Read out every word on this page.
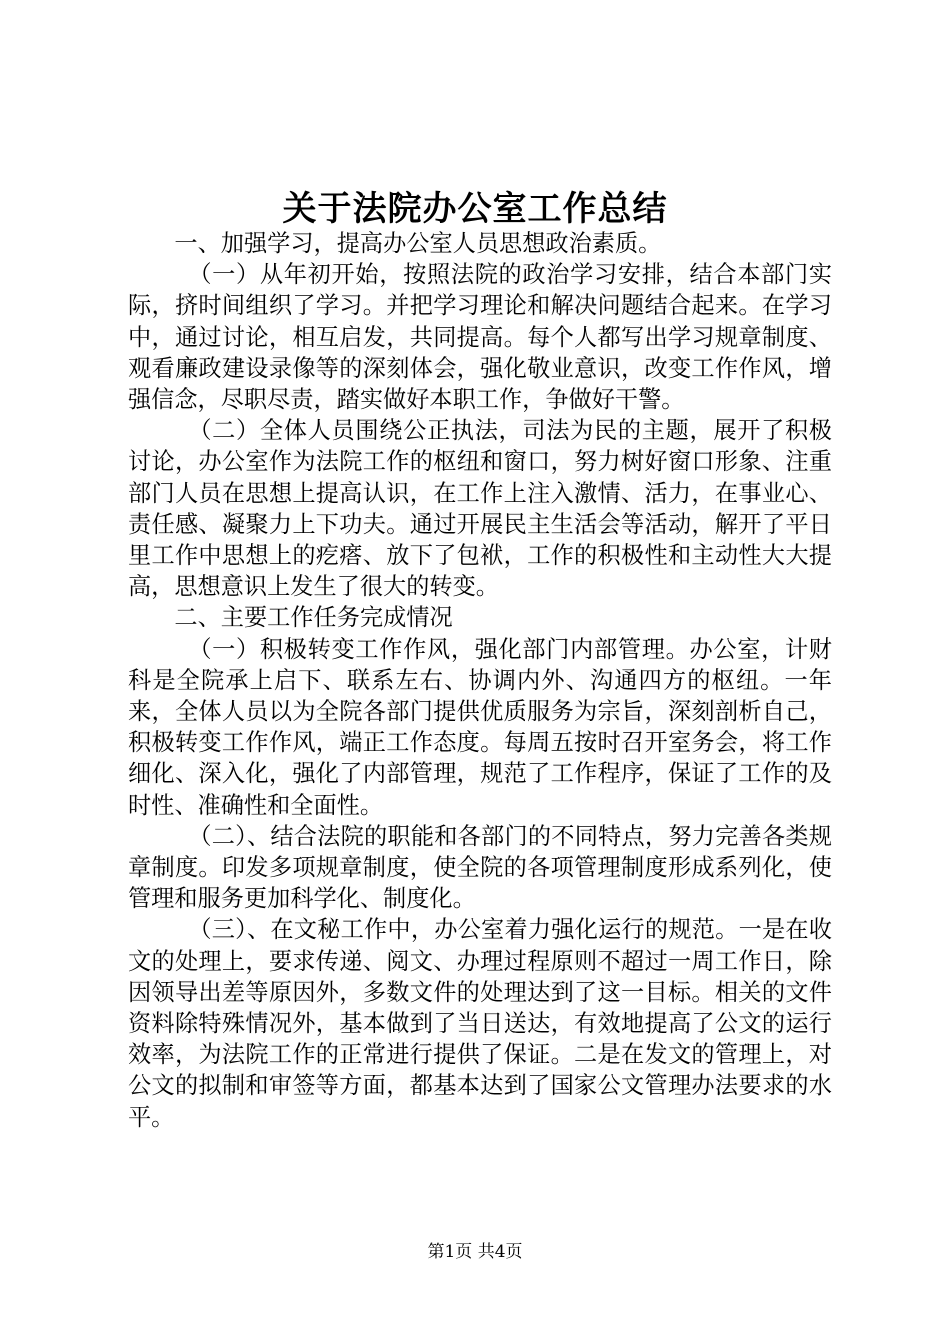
关于法院办公室工作总结

一、加强学习，提高办公室人员思想政治素质。

（一）从年初开始，按照法院的政治学习安排，结合本部门实际，挤时间组织了学习。并把学习理论和解决问题结合起来。在学习中，通过讨论，相互启发，共同提高。每个人都写出学习规章制度、观看廉政建设录像等的深刻体会，强化敬业意识，改变工作作风，增强信念，尽职尽责，踏实做好本职工作，争做好干警。

（二）全体人员围绕公正执法，司法为民的主题，展开了积极讨论，办公室作为法院工作的枢纽和窗口，努力树好窗口形象、注重部门人员在思想上提高认识，在工作上注入激情、活力，在事业心、责任感、凝聚力上下功夫。通过开展民主生活会等活动，解开了平日里工作中思想上的疙瘩、放下了包袱，工作的积极性和主动性大大提高，思想意识上发生了很大的转变。

二、主要工作任务完成情况

（一）积极转变工作作风，强化部门内部管理。办公室，计财科是全院承上启下、联系左右、协调内外、沟通四方的枢纽。一年来，全体人员以为全院各部门提供优质服务为宗旨，深刻剖析自己，积极转变工作作风，端正工作态度。每周五按时召开室务会，将工作细化、深入化，强化了内部管理，规范了工作程序，保证了工作的及时性、准确性和全面性。

（二）、结合法院的职能和各部门的不同特点，努力完善各类规章制度。印发多项规章制度，使全院的各项管理制度形成系列化，使管理和服务更加科学化、制度化。

（三）、在文秘工作中，办公室着力强化运行的规范。一是在收文的处理上，要求传递、阅文、办理过程原则不超过一周工作日，除因领导出差等原因外，多数文件的处理达到了这一目标。相关的文件资料除特殊情况外，基本做到了当日送达，有效地提高了公文的运行效率，为法院工作的正常进行提供了保证。二是在发文的管理上，对公文的拟制和审签等方面，都基本达到了国家公文管理办法要求的水平。

第1页 共4页
